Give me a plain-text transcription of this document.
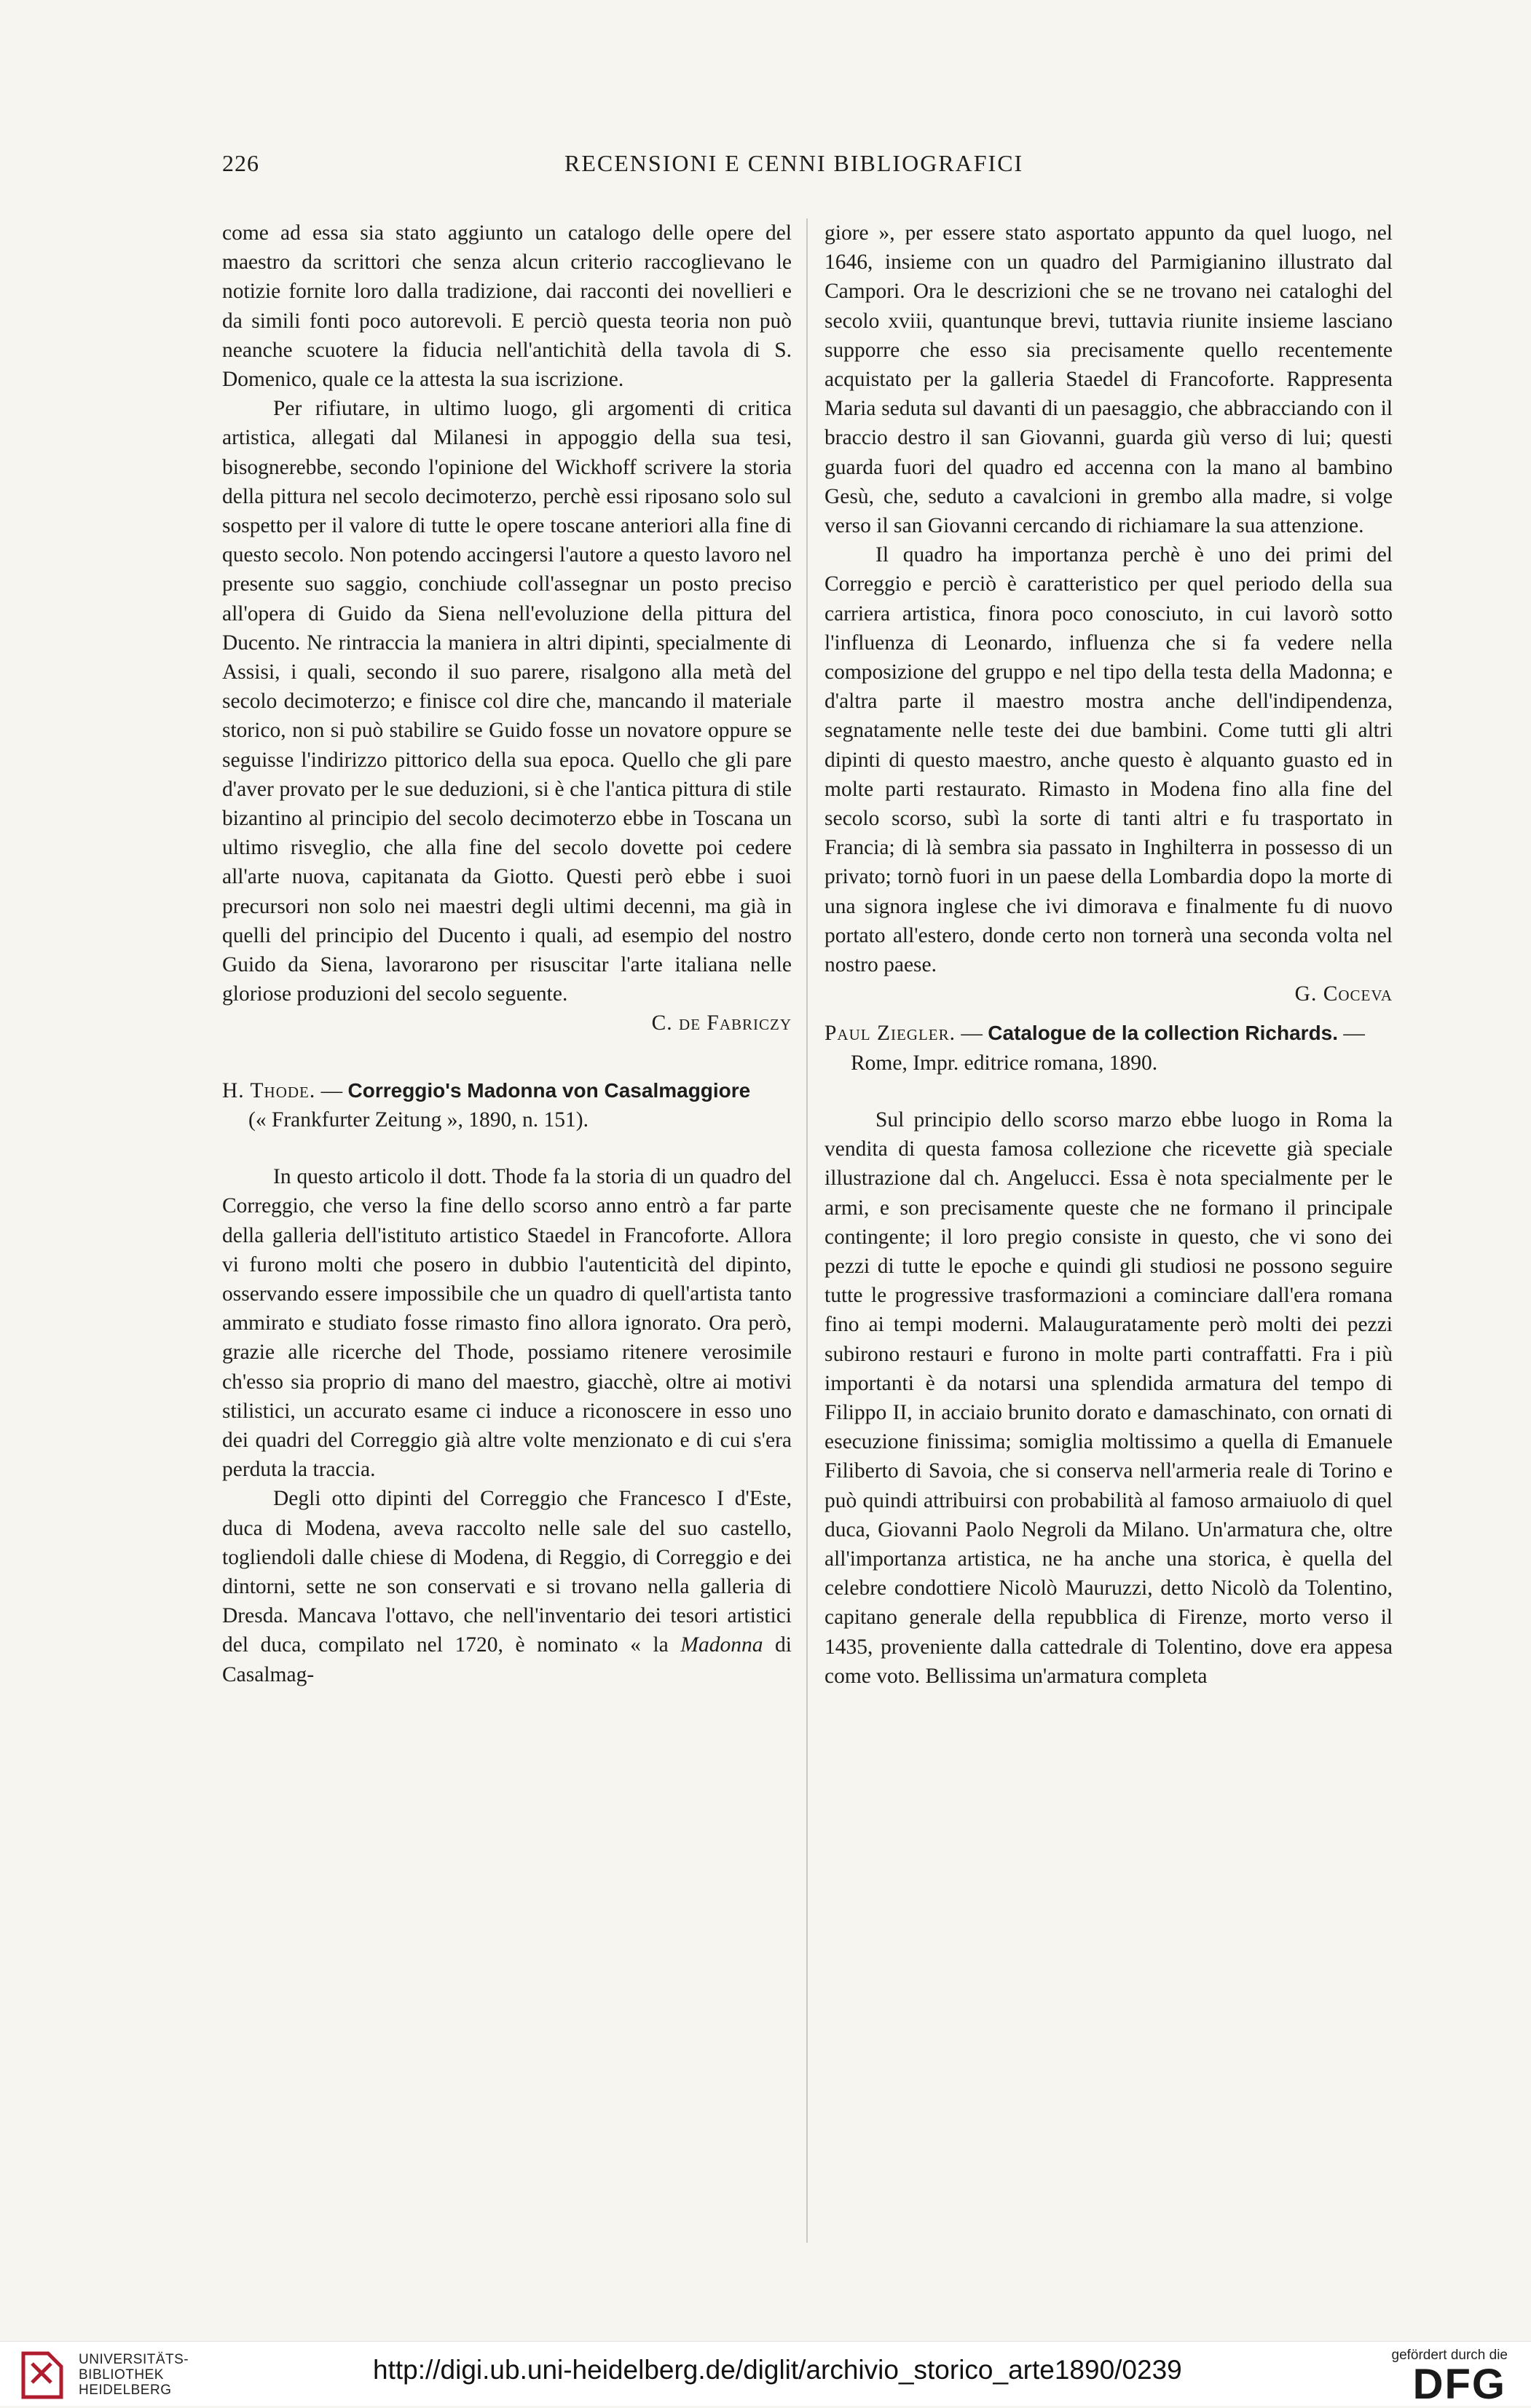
226	RECENSIONI E CENNI BIBLIOGRAFICI

come ad essa sia stato aggiunto un catalogo delle opere del maestro da scrittori che senza alcun criterio raccoglievano le notizie fornite loro dalla tradizione, dai racconti dei novellieri e da simili fonti poco autorevoli. E perciò questa teoria non può neanche scuotere la fiducia nell'antichità della tavola di S. Domenico, quale ce la attesta la sua iscrizione.

Per rifiutare, in ultimo luogo, gli argomenti di critica artistica, allegati dal Milanesi in appoggio della sua tesi, bisognerebbe, secondo l'opinione del Wickhoff scrivere la storia della pittura nel secolo decimoterzo, perchè essi riposano solo sul sospetto per il valore di tutte le opere toscane anteriori alla fine di questo secolo. Non potendo accingersi l'autore a questo lavoro nel presente suo saggio, conchiude coll'assegnar un posto preciso all'opera di Guido da Siena nell'evoluzione della pittura del Ducento. Ne rintraccia la maniera in altri dipinti, specialmente di Assisi, i quali, secondo il suo parere, risalgono alla metà del secolo decimoterzo; e finisce col dire che, mancando il materiale storico, non si può stabilire se Guido fosse un novatore oppure se seguisse l'indirizzo pittorico della sua epoca. Quello che gli pare d'aver provato per le sue deduzioni, si è che l'antica pittura di stile bizantino al principio del secolo decimoterzo ebbe in Toscana un ultimo risveglio, che alla fine del secolo dovette poi cedere all'arte nuova, capitanata da Giotto. Questi però ebbe i suoi precursori non solo nei maestri degli ultimi decenni, ma già in quelli del principio del Ducento i quali, ad esempio del nostro Guido da Siena, lavorarono per risuscitar l'arte italiana nelle gloriose produzioni del secolo seguente.

C. de Fabriczy

H. Thode. — Correggio's Madonna von Casalmaggiore

(« Frankfurter Zeitung », 1890, n. 151).

In questo articolo il dott. Thode fa la storia di un quadro del Correggio, che verso la fine dello scorso anno entrò a far parte della galleria dell'istituto artistico Staedel in Francoforte. Allora vi furono molti che posero in dubbio l'autenticità del dipinto, osservando essere impossibile che un quadro di quell'artista tanto ammirato e studiato fosse rimasto fino allora ignorato. Ora però, grazie alle ricerche del Thode, possiamo ritenere verosimile ch'esso sia proprio di mano del maestro, giacchè, oltre ai motivi stilistici, un accurato esame ci induce a riconoscere in esso uno dei quadri del Correggio già altre volte menzionato e di cui s'era perduta la traccia.

Degli otto dipinti del Correggio che Francesco I d'Este, duca di Modena, aveva raccolto nelle sale del suo castello, togliendoli dalle chiese di Modena, di Reggio, di Correggio e dei dintorni, sette ne son conservati e si trovano nella galleria di Dresda. Mancava l'ottavo, che nell'inventario dei tesori artistici del duca, compilato nel 1720, è nominato « la Madonna di Casalmag-

giore », per essere stato asportato appunto da quel luogo, nel 1646, insieme con un quadro del Parmigianino illustrato dal Campori. Ora le descrizioni che se ne trovano nei cataloghi del secolo xviii, quantunque brevi, tuttavia riunite insieme lasciano supporre che esso sia precisamente quello recentemente acquistato per la galleria Staedel di Francoforte. Rappresenta Maria seduta sul davanti di un paesaggio, che abbracciando con il braccio destro il san Giovanni, guarda giù verso di lui; questi guarda fuori del quadro ed accenna con la mano al bambino Gesù, che, seduto a cavalcioni in grembo alla madre, si volge verso il san Giovanni cercando di richiamare la sua attenzione.

Il quadro ha importanza perchè è uno dei primi del Correggio e perciò è caratteristico per quel periodo della sua carriera artistica, finora poco conosciuto, in cui lavorò sotto l'influenza di Leonardo, influenza che si fa vedere nella composizione del gruppo e nel tipo della testa della Madonna; e d'altra parte il maestro mostra anche dell'indipendenza, segnatamente nelle teste dei due bambini. Come tutti gli altri dipinti di questo maestro, anche questo è alquanto guasto ed in molte parti restaurato. Rimasto in Modena fino alla fine del secolo scorso, subì la sorte di tanti altri e fu trasportato in Francia; di là sembra sia passato in Inghilterra in possesso di un privato; tornò fuori in un paese della Lombardia dopo la morte di una signora inglese che ivi dimorava e finalmente fu di nuovo portato all'estero, donde certo non tornerà una seconda volta nel nostro paese.

G. Coceva

Paul Ziegler. — Catalogue de la collection Richards. —

Rome, Impr. editrice romana, 1890.

Sul principio dello scorso marzo ebbe luogo in Roma la vendita di questa famosa collezione che ricevette già speciale illustrazione dal ch. Angelucci. Essa è nota specialmente per le armi, e son precisamente queste che ne formano il principale contingente; il loro pregio consiste in questo, che vi sono dei pezzi di tutte le epoche e quindi gli studiosi ne possono seguire tutte le progressive trasformazioni a cominciare dall'era romana fino ai tempi moderni. Malauguratamente però molti dei pezzi subirono restauri e furono in molte parti contraffatti. Fra i più importanti è da notarsi una splendida armatura del tempo di Filippo II, in acciaio brunito dorato e damaschinato, con ornati di esecuzione finissima; somiglia moltissimo a quella di Emanuele Filiberto di Savoia, che si conserva nell'armeria reale di Torino e può quindi attribuirsi con probabilità al famoso armaiuolo di quel duca, Giovanni Paolo Negroli da Milano. Un'armatura che, oltre all'importanza artistica, ne ha anche una storica, è quella del celebre condottiere Nicolò Mauruzzi, detto Nicolò da Tolentino, capitano generale della repubblica di Firenze, morto verso il 1435, proveniente dalla cattedrale di Tolentino, dove era appesa come voto. Bellissima un'armatura completa

UNIVERSITÄTS-
BIBLIOTHEK
HEIDELBERG
http://digi.ub.uni-heidelberg.de/diglit/archivio_storico_arte1890/0239	gefördert durch die
DFG
